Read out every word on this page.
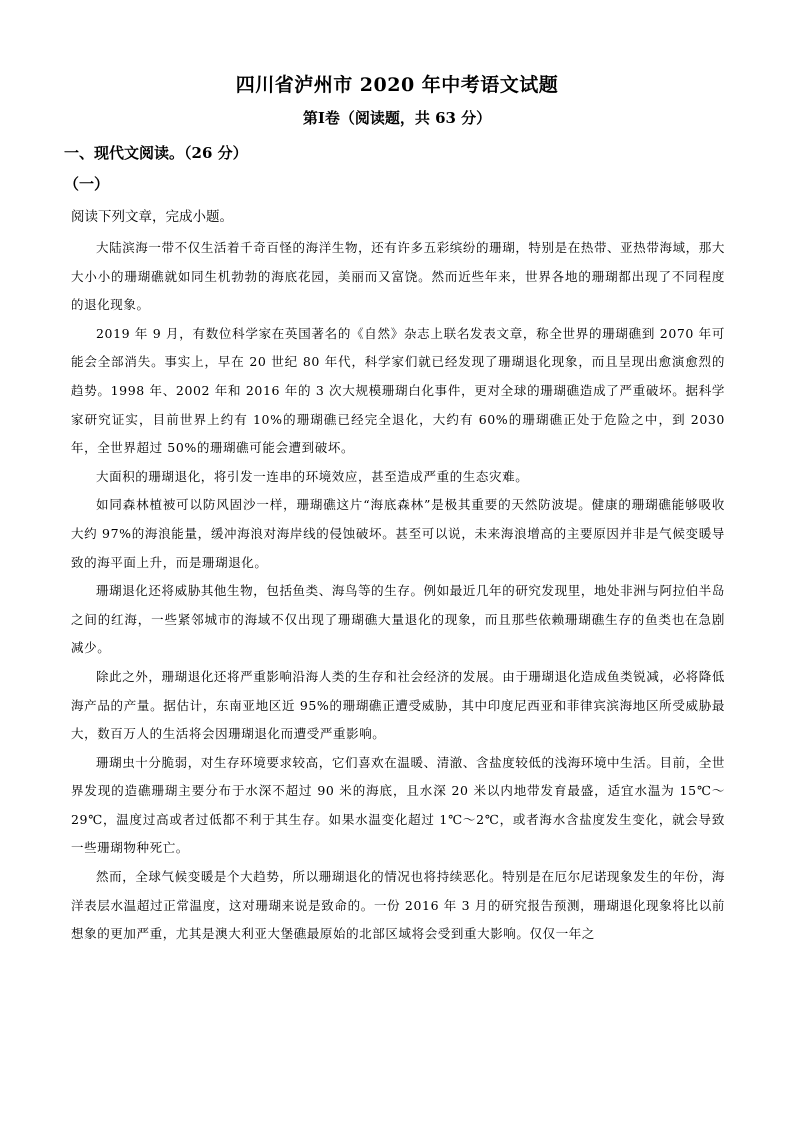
四川省泸州市 2020 年中考语文试题
第Ⅰ卷（阅读题，共 63 分）
一、现代文阅读。（26 分）
（一）
阅读下列文章，完成小题。

大陆滨海一带不仅生活着千奇百怪的海洋生物，还有许多五彩缤纷的珊瑚，特别是在热带、亚热带海域，那大大小小的珊瑚礁就如同生机勃勃的海底花园，美丽而又富饶。然而近些年来，世界各地的珊瑚都出现了不同程度的退化现象。

2019 年 9 月，有数位科学家在英国著名的《自然》杂志上联名发表文章，称全世界的珊瑚礁到 2070 年可能会全部消失。事实上，早在 20 世纪 80 年代，科学家们就已经发现了珊瑚退化现象，而且呈现出愈演愈烈的趋势。1998 年、2002 年和 2016 年的 3 次大规模珊瑚白化事件，更对全球的珊瑚礁造成了严重破坏。据科学家研究证实，目前世界上约有 10%的珊瑚礁已经完全退化，大约有 60%的珊瑚礁正处于危险之中，到 2030 年，全世界超过 50%的珊瑚礁可能会遭到破坏。

大面积的珊瑚退化，将引发一连串的环境效应，甚至造成严重的生态灾难。

如同森林植被可以防风固沙一样，珊瑚礁这片“海底森林”是极其重要的天然防波堤。健康的珊瑚礁能够吸收大约 97%的海浪能量，缓冲海浪对海岸线的侵蚀破坏。甚至可以说，未来海浪增高的主要原因并非是气候变暖导致的海平面上升，而是珊瑚退化。

珊瑚退化还将威胁其他生物，包括鱼类、海鸟等的生存。例如最近几年的研究发现里，地处非洲与阿拉伯半岛之间的红海，一些紧邻城市的海域不仅出现了珊瑚礁大量退化的现象，而且那些依赖珊瑚礁生存的鱼类也在急剧减少。

除此之外，珊瑚退化还将严重影响沿海人类的生存和社会经济的发展。由于珊瑚退化造成鱼类锐减，必将降低海产品的产量。据估计，东南亚地区近 95%的珊瑚礁正遭受威胁，其中印度尼西亚和菲律宾滨海地区所受威胁最大，数百万人的生活将会因珊瑚退化而遭受严重影响。

珊瑚虫十分脆弱，对生存环境要求较高，它们喜欢在温暖、清澈、含盐度较低的浅海环境中生活。目前，全世界发现的造礁珊瑚主要分布于水深不超过 90 米的海底，且水深 20 米以内地带发育最盛，适宜水温为 15℃～29℃，温度过高或者过低都不利于其生存。如果水温变化超过 1℃～2℃，或者海水含盐度发生变化，就会导致一些珊瑚物种死亡。

然而，全球气候变暖是个大趋势，所以珊瑚退化的情况也将持续恶化。特别是在厄尔尼诺现象发生的年份，海洋表层水温超过正常温度，这对珊瑚来说是致命的。一份 2016 年 3 月的研究报告预测，珊瑚退化现象将比以前想象的更加严重，尤其是澳大利亚大堡礁最原始的北部区域将会受到重大影响。仅仅一年之
